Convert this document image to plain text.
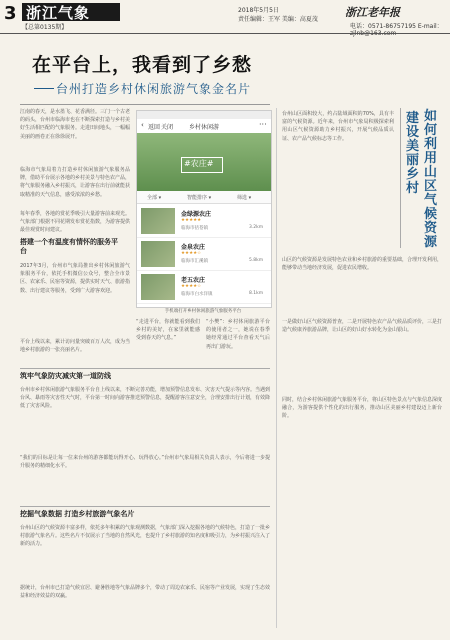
3 浙江气象
【总第0135期】
2018年5月5日
责任编辑：王军 美编：高夏茂
浙江老年报
电话：0571-86757195 E-mail：
在平台上，我看到了乡愁
台州打造乡村休闲旅游气象金名片
江南的春天，是水墨飞、花香满径。三门一个古老的码头，台州市临海市也在不断探索打造与乡村美好生活相匹配的气象服务。走进田间地头，一幅幅美丽的画卷正在徐徐展开。
临海市气象局着力打造乡村休闲旅游气象服务品牌，借助平台展示各地的乡村美景与特色农产品，将气象服务融入乡村振兴，让游客在出行前就能获取精准的天气信息，感受浓浓的乡愁。
每年春季，各地的赏花季吸引大量游客前来观光。气象部门根据不同花期发布赏花指数，为游客提供最佳观赏时间建议。
搭建一个有温度有情怀的服务平台
2017年3月，台州市气象局推出乡村休闲旅游气象服务平台，依托手机微信公众号，整合全市景区、农家乐、民宿等资源，提供实时天气、旅游指数、出行建议等服务，受到广大游客欢迎。
平台上线以来，累计访问量突破百万人次，成为当地乡村旅游的一张亮丽名片。
‹ 返回 关闭	乡村休闲游	···
#农庄#
全部 ▾	智能排序 ▾	筛选 ▾
金绿源农庄
★★★★★
临海市括苍镇	3.2km
金泉农庄
★★★★☆
临海市汇溪镇	5.8km
老五农庄
★★★★☆
临海市白水洋镇	8.1km
手机端打开乡村休闲旅游气象服务平台
“走进平台，你就能看到我们乡村的美好，在家里就能感受到春天的气息。”
“小樊”：乡村休闲旅游平台的使用者之一，她说在春季她经常通过平台查看天气后再出门游玩。
台州山区面积较大，约占陆域面积的70%，具有丰富的气候资源。近年来，台州市气象局积极探索利用山区气候资源助力乡村振兴，开展气候品质认证、农产品气候标志等工作。
如何利用山区气候资源
建设美丽乡村
山区的气候资源是发展特色农业和乡村旅游的重要基础，合理开发利用，能够带动当地经济发展，促进农民增收。
一是做好山区气候资源普查，二是开展特色农产品气候品质评价，三是打造气候康养旅游品牌，让山区的好山好水转化为金山银山。
同时，结合乡村休闲旅游气象服务平台，将山区特色景点与气象信息深度融合，为游客提供个性化的出行服务，推动山区美丽乡村建设迈上新台阶。
筑牢气象防灾减灾第一道防线
台州市乡村休闲旅游气象服务平台自上线以来，不断完善功能，增加预警信息发布、灾害天气提示等内容。当遇到台风、暴雨等灾害性天气时，平台第一时间向游客推送预警信息，提醒游客注意安全，合理安排出行计划，有效降低了灾害风险。
“我们的目标是让每一位来台州的游客都能玩得开心、玩得放心。”台州市气象局相关负责人表示，今后将进一步提升服务的精细化水平。
挖掘气象数据 打造乡村旅游气象名片
台州山区的气候资源丰富多样，依托多年积累的气象观测数据，气象部门深入挖掘各地的气候特色，打造了一批乡村旅游气象名片。这些名片不仅展示了当地的自然风光，也提升了乡村旅游的知名度和吸引力，为乡村振兴注入了新的活力。
据统计，台州市已打造气候宜居、避暑胜地等气象品牌多个，带动了周边农家乐、民宿等产业发展，实现了生态效益和经济效益的双赢。
